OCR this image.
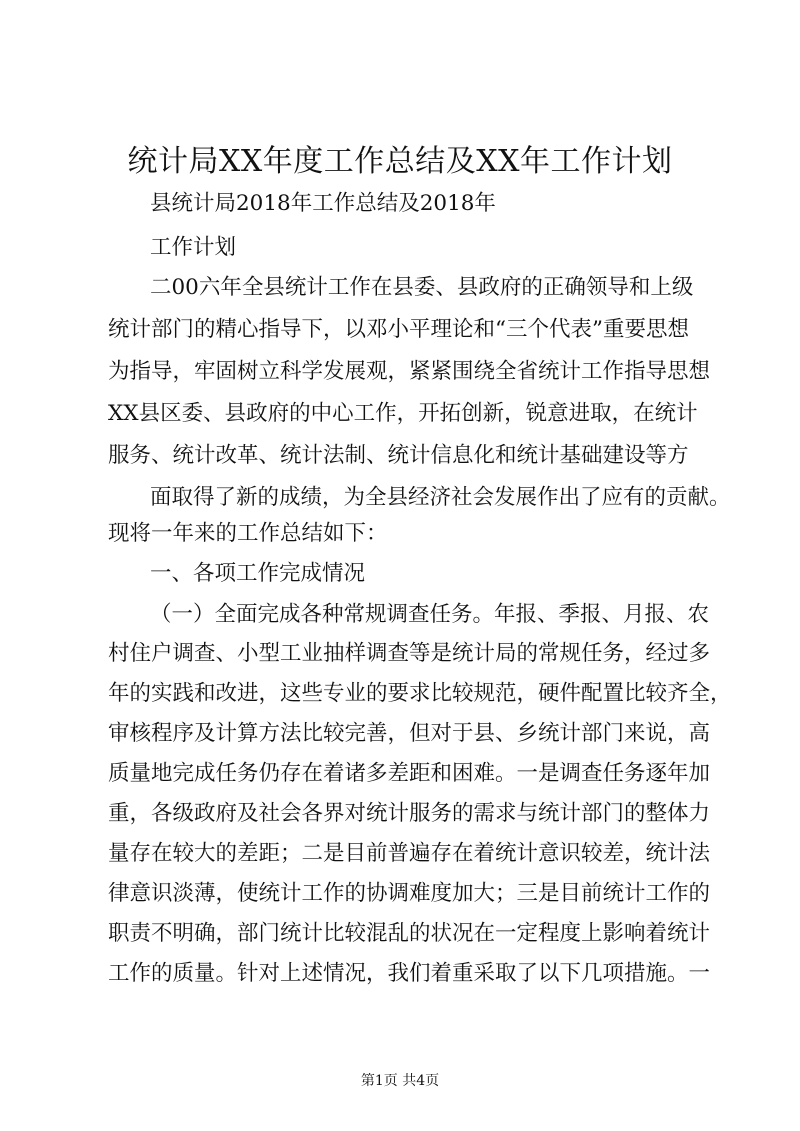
统计局XX年度工作总结及XX年工作计划
县统计局2018年工作总结及2018年
工作计划
二00六年全县统计工作在县委、县政府的正确领导和上级
统计部门的精心指导下，以邓小平理论和“三个代表”重要思想
为指导，牢固树立科学发展观，紧紧围绕全省统计工作指导思想
XX县区委、县政府的中心工作，开拓创新，锐意进取，在统计
服务、统计改革、统计法制、统计信息化和统计基础建设等方
面取得了新的成绩，为全县经济社会发展作出了应有的贡献。
现将一年来的工作总结如下：
一、各项工作完成情况
（一）全面完成各种常规调查任务。年报、季报、月报、农
村住户调查、小型工业抽样调查等是统计局的常规任务，经过多
年的实践和改进，这些专业的要求比较规范，硬件配置比较齐全，
审核程序及计算方法比较完善，但对于县、乡统计部门来说，高
质量地完成任务仍存在着诸多差距和困难。一是调查任务逐年加
重，各级政府及社会各界对统计服务的需求与统计部门的整体力
量存在较大的差距；二是目前普遍存在着统计意识较差，统计法
律意识淡薄，使统计工作的协调难度加大；三是目前统计工作的
职责不明确，部门统计比较混乱的状况在一定程度上影响着统计
工作的质量。针对上述情况，我们着重采取了以下几项措施。一
第1页 共4页
